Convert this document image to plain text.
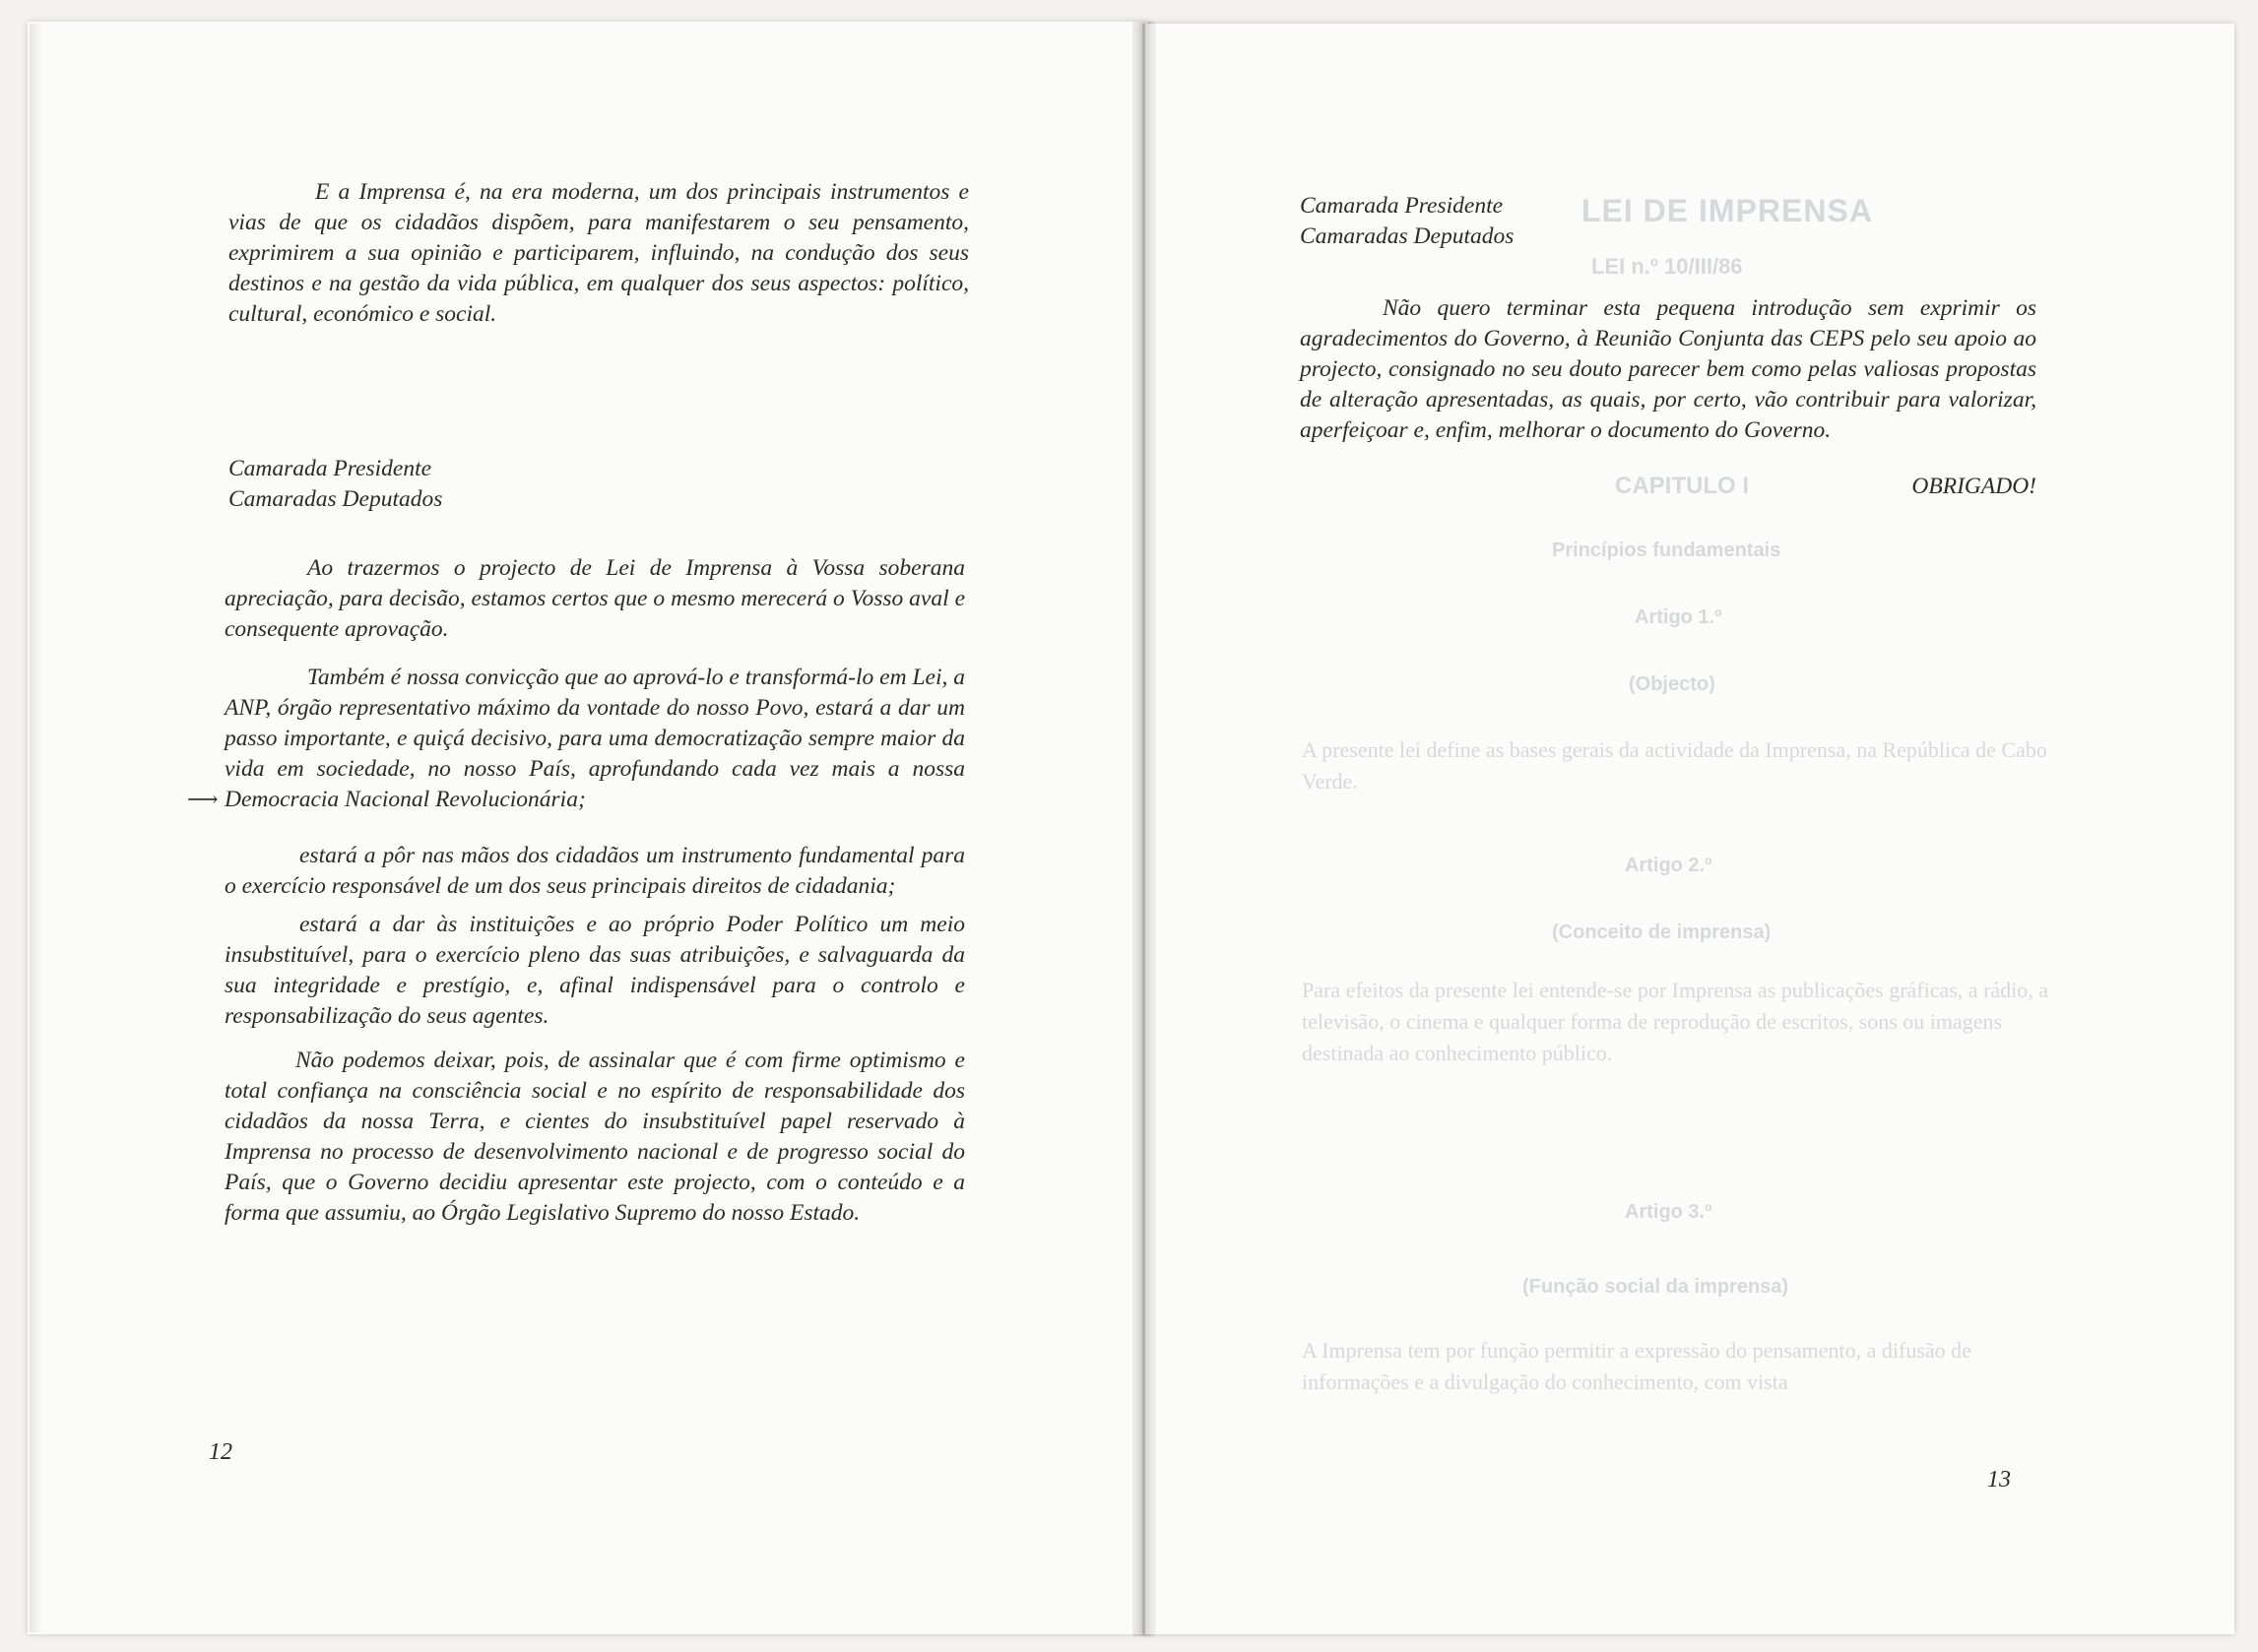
LEI DE IMPRENSA
LEI n.º 10/III/86
CAPITULO I
Princípios fundamentais
Artigo 1.º
(Objecto)
A presente lei define as bases gerais da actividade da Imprensa, na República de Cabo Verde.
Artigo 2.º
(Conceito de imprensa)
Para efeitos da presente lei entende-se por Imprensa as publicações gráficas, a rádio, a televisão, o cinema e qualquer forma de reprodução de escritos, sons ou imagens destinada ao conhecimento público.
Artigo 3.º
(Função social da imprensa)
A Imprensa tem por função permitir a expressão do pensamento, a difusão de informações e a divulgação do conhecimento, com vista

E a Imprensa é, na era moderna, um dos principais instrumentos e vias de que os cidadãos dispõem, para manifestarem o seu pensamento, exprimirem a sua opinião e participarem, influindo, na condução dos seus destinos e na gestão da vida pública, em qualquer dos seus aspectos: político, cultural, económico e social.

Camarada Presidente

Camaradas Deputados

Ao trazermos o projecto de Lei de Imprensa à Vossa soberana apreciação, para decisão, estamos certos que o mesmo merecerá o Vosso aval e consequente aprovação.

Também é nossa convicção que ao aprová-lo e transformá-lo em Lei, a ANP, órgão representativo máximo da vontade do nosso Povo, estará a dar um passo importante, e quiçá decisivo, para uma democratização sempre maior da vida em sociedade, no nosso País, aprofundando cada vez mais a nossa Democracia Nacional Revolucionária;

estará a pôr nas mãos dos cidadãos um instrumento fundamental para o exercício responsável de um dos seus principais direitos de cidadania;

estará a dar às instituições e ao próprio Poder Político um meio insubstituível, para o exercício pleno das suas atribuições, e salvaguarda da sua integridade e prestígio, e, afinal indispensável para o controlo e responsabilização do seus agentes.

Não podemos deixar, pois, de assinalar que é com firme optimismo e total confiança na consciência social e no espírito de responsabilidade dos cidadãos da nossa Terra, e cientes do insubstituível papel reservado à Imprensa no processo de desenvolvimento nacional e de progresso social do País, que o Governo decidiu apresentar este projecto, com o conteúdo e a forma que assumiu, ao Órgão Legislativo Supremo do nosso Estado.

⟶
12

Camarada Presidente

Camaradas Deputados

Não quero terminar esta pequena introdução sem exprimir os agradecimentos do Governo, à Reunião Conjunta das CEPS pelo seu apoio ao projecto, consignado no seu douto parecer bem como pelas valiosas propostas de alteração apresentadas, as quais, por certo, vão contribuir para valorizar, aperfeiçoar e, enfim, melhorar o documento do Governo.

OBRIGADO!

13
